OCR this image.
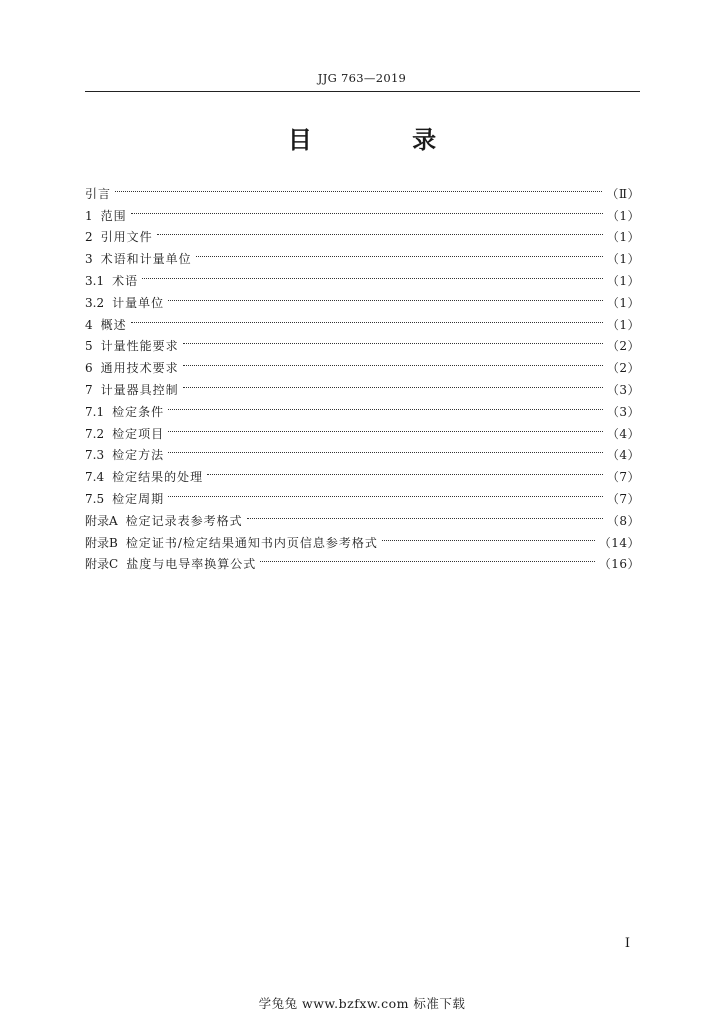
JJG 763—2019
目 录
引言	（Ⅱ）
1 范围	（1）
2 引用文件	（1）
3 术语和计量单位	（1）
3.1 术语	（1）
3.2 计量单位	（1）
4 概述	（1）
5 计量性能要求	（2）
6 通用技术要求	（2）
7 计量器具控制	（3）
7.1 检定条件	（3）
7.2 检定项目	（4）
7.3 检定方法	（4）
7.4 检定结果的处理	（7）
7.5 检定周期	（7）
附录A 检定记录表参考格式	（8）
附录B 检定证书/检定结果通知书内页信息参考格式	（14）
附录C 盐度与电导率换算公式	（16）
I
学兔兔 www.bzfxw.com 标准下载
